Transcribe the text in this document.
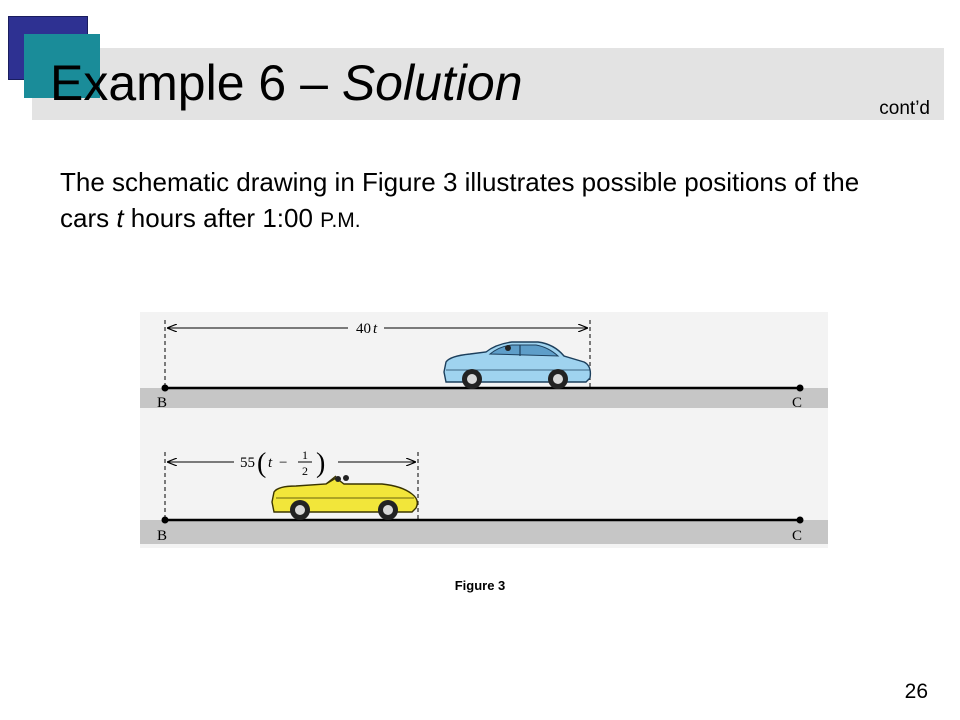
Example 6 – Solution	cont’d
The schematic drawing in Figure 3 illustrates possible positions of the cars t hours after 1:00 P.M.
B	C
40 t
B	C
55 ( t − 1
2 )
Figure 3
26
